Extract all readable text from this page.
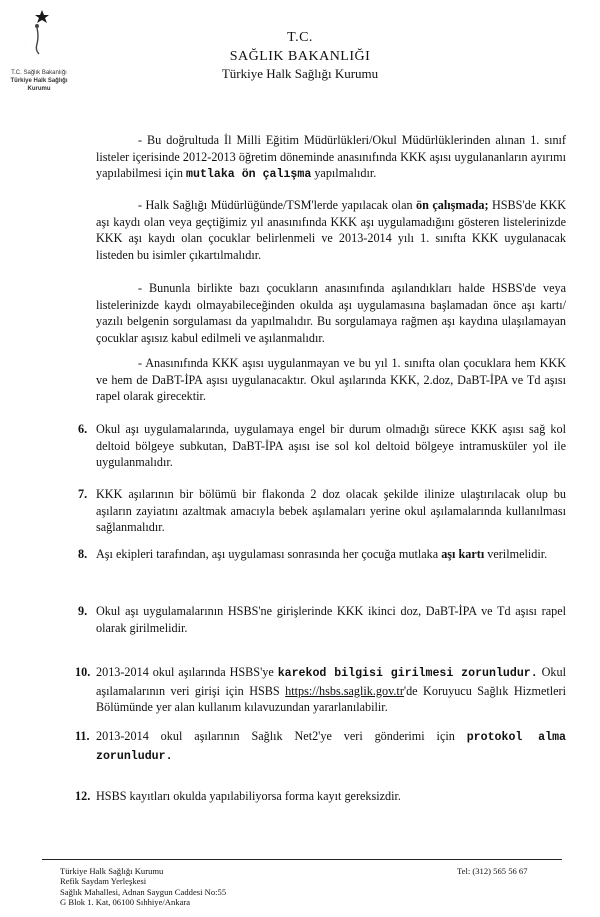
T.C. Sağlık Bakanlığı
Türkiye Halk Sağlığı
Kurumu
T.C.
SAĞLIK BAKANLIĞI
Türkiye Halk Sağlığı Kurumu
- Bu doğrultuda İl Milli Eğitim Müdürlükleri/Okul Müdürlüklerinden alınan 1. sınıf listeler içerisinde 2012-2013 öğretim döneminde anasınıfında KKK aşısı uygulananların ayırımı yapılabilmesi için mutlaka ön çalışma yapılmalıdır.
- Halk Sağlığı Müdürlüğünde/TSM'lerde yapılacak olan ön çalışmada; HSBS'de KKK aşı kaydı olan veya geçtiğimiz yıl anasınıfında KKK aşı uygulamadığını gösteren listelerinizde KKK aşı kaydı olan çocuklar belirlenmeli ve 2013-2014 yılı 1. sınıfta KKK uygulanacak listeden bu isimler çıkartılmalıdır.
- Bununla birlikte bazı çocukların anasınıfında aşılandıkları halde HSBS'de veya listelerinizde kaydı olmayabileceğinden okulda aşı uygulamasına başlamadan önce aşı kartı/ yazılı belgenin sorgulaması da yapılmalıdır. Bu sorgulamaya rağmen aşı kaydına ulaşılamayan çocuklar aşısız kabul edilmeli ve aşılanmalıdır.
- Anasınıfında KKK aşısı uygulanmayan ve bu yıl 1. sınıfta olan çocuklara hem KKK ve hem de DaBT-İPA aşısı uygulanacaktır. Okul aşılarında KKK, 2.doz, DaBT-İPA ve Td aşısı rapel olarak girecektir.
6. Okul aşı uygulamalarında, uygulamaya engel bir durum olmadığı sürece KKK aşısı sağ kol deltoid bölgeye subkutan, DaBT-İPA aşısı ise sol kol deltoid bölgeye intramusküler yol ile uygulanmalıdır.
7. KKK aşılarının bir bölümü bir flakonda 2 doz olacak şekilde ilinize ulaştırılacak olup bu aşıların zayiatını azaltmak amacıyla bebek aşılamaları yerine okul aşılamalarında kullanılması sağlanmalıdır.
8. Aşı ekipleri tarafından, aşı uygulaması sonrasında her çocuğa mutlaka aşı kartı verilmelidir.
9. Okul aşı uygulamalarının HSBS'ne girişlerinde KKK ikinci doz, DaBT-İPA ve Td aşısı rapel olarak girilmelidir.
10. 2013-2014 okul aşılarında HSBS'ye karekod bilgisi girilmesi zorunludur. Okul aşılamalarının veri girişi için HSBS https://hsbs.saglik.gov.tr'de Koruyucu Sağlık Hizmetleri Bölümünde yer alan kullanım kılavuzundan yararlanılabilir.
11. 2013-2014 okul aşılarının Sağlık Net2'ye veri gönderimi için protokol alma zorunludur.
12. HSBS kayıtları okulda yapılabiliyorsa forma kayıt gereksizdir.
Türkiye Halk Sağlığı Kurumu
Refik Saydam Yerleşkesi
Sağlık Mahallesi, Adnan Saygun Caddesi No:55
G Blok 1. Kat, 06100 Sıhhiye/Ankara
Tel: (312) 565 56 67
